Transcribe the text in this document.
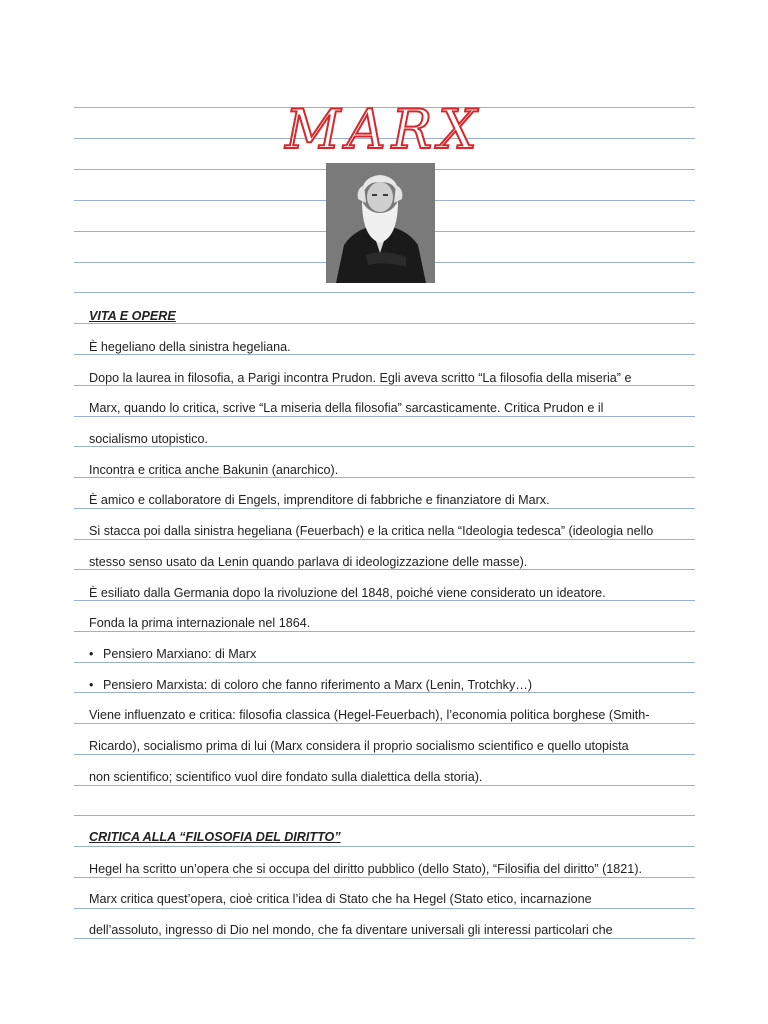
MARX
VITA E OPERE
È hegeliano della sinistra hegeliana.
Dopo la laurea in filosofia, a Parigi incontra Prudon. Egli aveva scritto “La filosofia della miseria” e
Marx, quando lo critica, scrive “La miseria della filosofia” sarcasticamente. Critica Prudon e il
socialismo utopistico.
Incontra e critica anche Bakunin (anarchico).
È amico e collaboratore di Engels, imprenditore di fabbriche e finanziatore di Marx.
Si stacca poi dalla sinistra hegeliana (Feuerbach) e la critica nella “Ideologia tedesca” (ideologia nello
stesso senso usato da Lenin quando parlava di ideologizzazione delle masse).
È esiliato dalla Germania dopo la rivoluzione del 1848, poiché viene considerato un ideatore.
Fonda la prima internazionale nel 1864.
• Pensiero Marxiano: di Marx
• Pensiero Marxista: di coloro che fanno riferimento a Marx (Lenin, Trotchky…)
Viene influenzato e critica: filosofia classica (Hegel-Feuerbach), l’economia politica borghese (Smith-
Ricardo), socialismo prima di lui (Marx considera il proprio socialismo scientifico e quello utopista
non scientifico; scientifico vuol dire fondato sulla dialettica della storia).
CRITICA ALLA “FILOSOFIA DEL DIRITTO”
Hegel ha scritto un’opera che si occupa del diritto pubblico (dello Stato), “Filosifia del diritto” (1821).
Marx critica quest’opera, cioè critica l’idea di Stato che ha Hegel (Stato etico, incarnazione
dell’assoluto, ingresso di Dio nel mondo, che fa diventare universali gli interessi particolari che
